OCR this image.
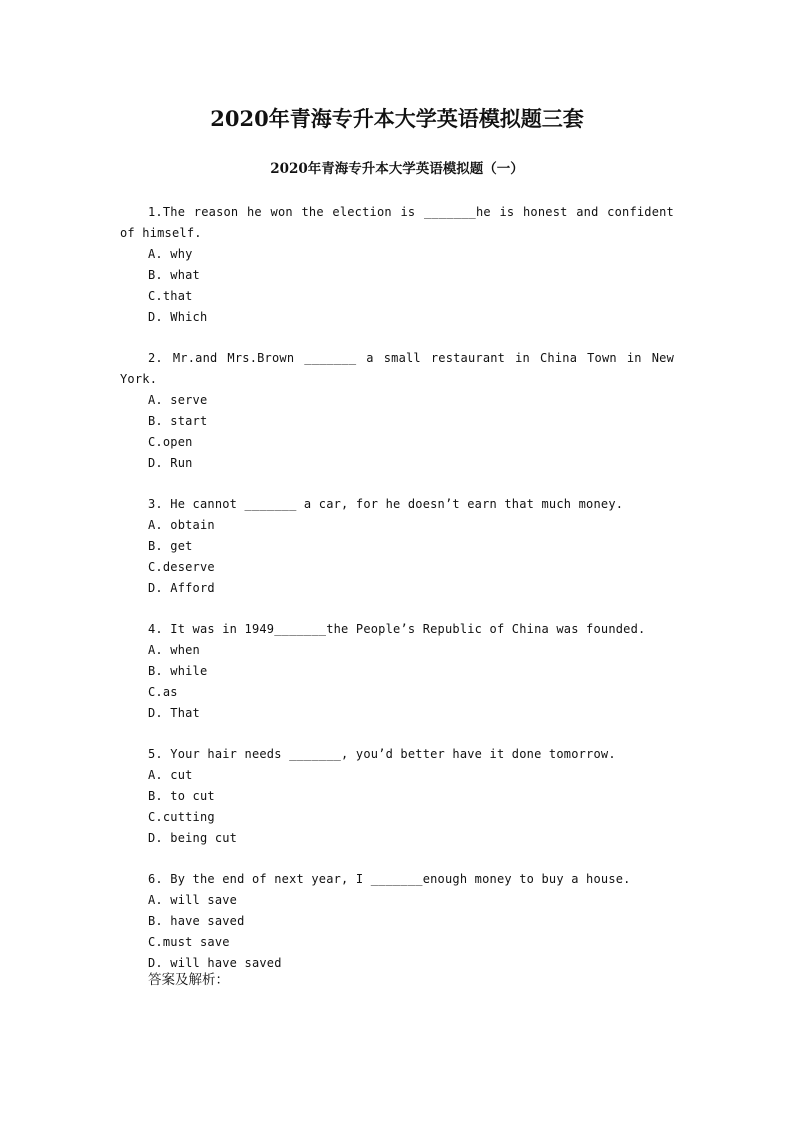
2020年青海专升本大学英语模拟题三套
2020年青海专升本大学英语模拟题（一）
1.The reason he won the election is _______he is honest and confident of himself.
A. why
B. what
C.that
D. Which
2. Mr.and Mrs.Brown _______ a small restaurant in China Town in New York.
A. serve
B. start
C.open
D. Run
3. He cannot _______ a car, for he doesn’t earn that much money.
A. obtain
B. get
C.deserve
D. Afford
4. It was in 1949_______the People’s Republic of China was founded.
A. when
B. while
C.as
D. That
5. Your hair needs _______, you’d better have it done tomorrow.
A. cut
B. to cut
C.cutting
D. being cut
6. By the end of next year, I _______enough money to buy a house.
A. will save
B. have saved
C.must save
D. will have saved
答案及解析：
